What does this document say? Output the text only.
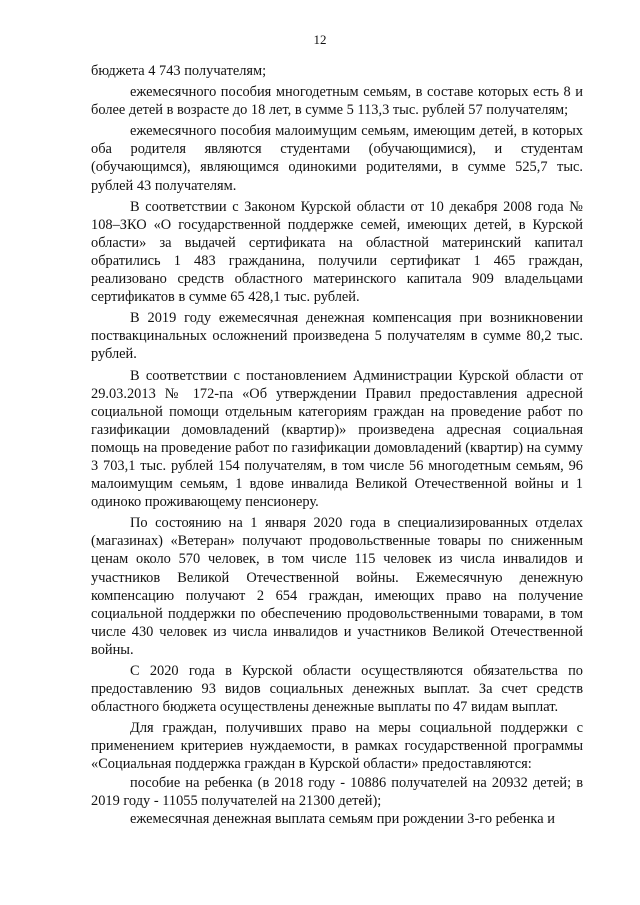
12

бюджета 4 743 получателям;

ежемесячного пособия многодетным семьям, в составе которых есть 8 и более детей в возрасте до 18 лет, в сумме 5 113,3 тыс. рублей 57 получателям;

ежемесячного пособия малоимущим семьям, имеющим детей, в которых оба родителя являются студентами (обучающимися), и студентам (обучающимся), являющимся одинокими родителями, в сумме 525,7 тыс. рублей 43 получателям.

В соответствии с Законом Курской области от 10 декабря 2008 года № 108–ЗКО «О государственной поддержке семей, имеющих детей, в Курской области» за выдачей сертификата на областной материнский капитал обратились 1 483 гражданина, получили сертификат 1 465 граждан, реализовано средств областного материнского капитала 909 владельцами сертификатов в сумме 65 428,1 тыс. рублей.

В 2019 году ежемесячная денежная компенсация при возникновении поствакцинальных осложнений произведена 5 получателям в сумме 80,2 тыс. рублей.

В соответствии с постановлением Администрации Курской области от 29.03.2013 № 172-па «Об утверждении Правил предоставления адресной социальной помощи отдельным категориям граждан на проведение работ по газификации домовладений (квартир)» произведена адресная социальная помощь на проведение работ по газификации домовладений (квартир) на сумму 3 703,1 тыс. рублей 154 получателям, в том числе 56 многодетным семьям, 96 малоимущим семьям, 1 вдове инвалида Великой Отечественной войны и 1 одиноко проживающему пенсионеру.

По состоянию на 1 января 2020 года в специализированных отделах (магазинах) «Ветеран» получают продовольственные товары по сниженным ценам около 570 человек, в том числе 115 человек из числа инвалидов и участников Великой Отечественной войны. Ежемесячную денежную компенсацию получают 2 654 граждан, имеющих право на получение социальной поддержки по обеспечению продовольственными товарами, в том числе 430 человек из числа инвалидов и участников Великой Отечественной войны.

С 2020 года в Курской области осуществляются обязательства по предоставлению 93 видов социальных денежных выплат. За счет средств областного бюджета осуществлены денежные выплаты по 47 видам выплат.

Для граждан, получивших право на меры социальной поддержки с применением критериев нуждаемости, в рамках государственной программы «Социальная поддержка граждан в Курской области» предоставляются:

пособие на ребенка (в 2018 году - 10886 получателей на 20932 детей; в 2019 году - 11055 получателей на 21300 детей);

ежемесячная денежная выплата семьям при рождении 3-го ребенка и
